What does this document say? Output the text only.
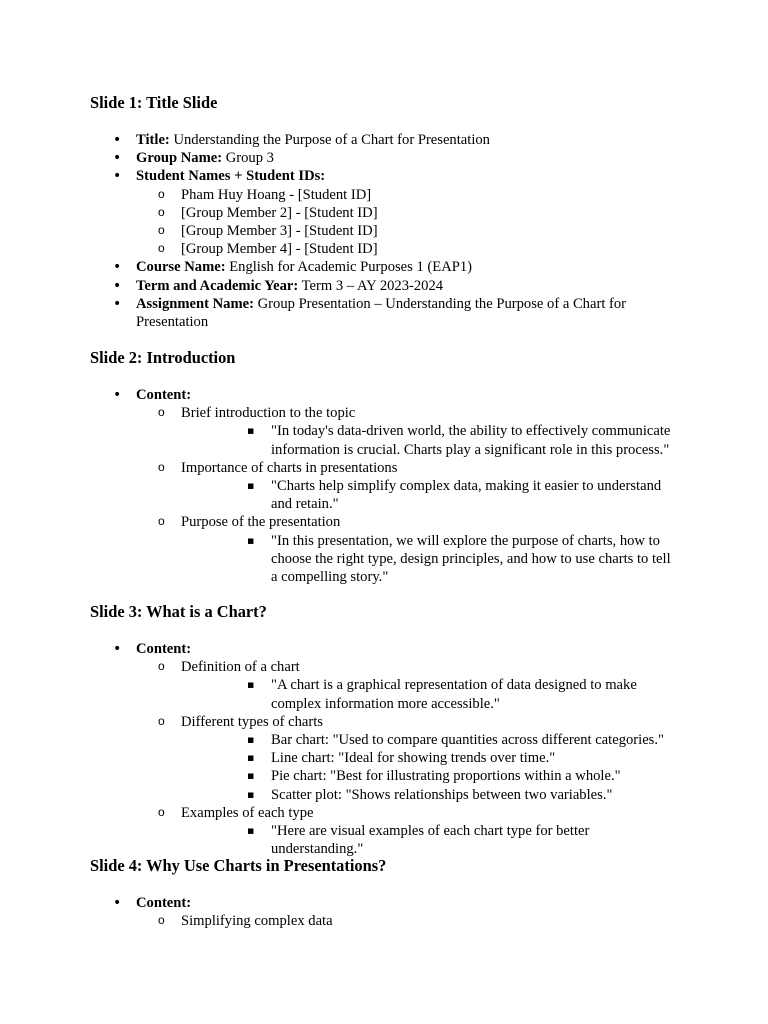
Slide 1: Title Slide
• Title: Understanding the Purpose of a Chart for Presentation
• Group Name: Group 3
• Student Names + Student IDs:
o Pham Huy Hoang - [Student ID]
o [Group Member 2] - [Student ID]
o [Group Member 3] - [Student ID]
o [Group Member 4] - [Student ID]
• Course Name: English for Academic Purposes 1 (EAP1)
• Term and Academic Year: Term 3 – AY 2023-2024
• Assignment Name: Group Presentation – Understanding the Purpose of a Chart for Presentation
Slide 2: Introduction
• Content:
o Brief introduction to the topic
▪ "In today's data-driven world, the ability to effectively communicate information is crucial. Charts play a significant role in this process."
o Importance of charts in presentations
▪ "Charts help simplify complex data, making it easier to understand and retain."
o Purpose of the presentation
▪ "In this presentation, we will explore the purpose of charts, how to choose the right type, design principles, and how to use charts to tell a compelling story."
Slide 3: What is a Chart?
• Content:
o Definition of a chart
▪ "A chart is a graphical representation of data designed to make complex information more accessible."
o Different types of charts
▪ Bar chart: "Used to compare quantities across different categories."
▪ Line chart: "Ideal for showing trends over time."
▪ Pie chart: "Best for illustrating proportions within a whole."
▪ Scatter plot: "Shows relationships between two variables."
o Examples of each type
▪ "Here are visual examples of each chart type for better understanding."
Slide 4: Why Use Charts in Presentations?
• Content:
o Simplifying complex data
